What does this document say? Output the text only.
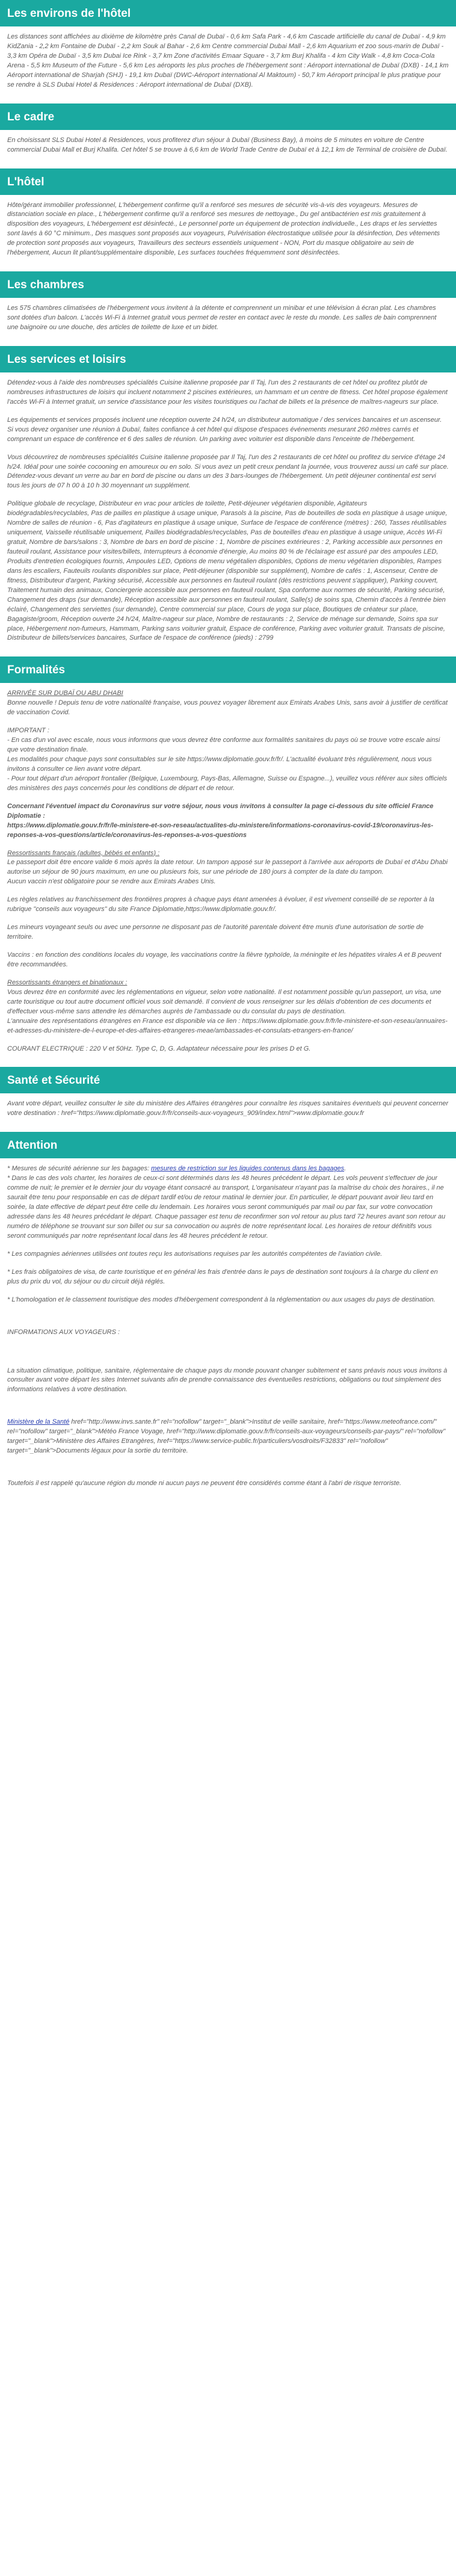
Les environs de l'hôtel

Les distances sont affichées au dixième de kilomètre près Canal de Dubaï - 0,6 km Safa Park - 4,6 km Cascade artificielle du canal de Dubaï - 4,9 km KidZania - 2,2 km Fontaine de Dubaï - 2,2 km Souk al Bahar - 2,6 km Centre commercial Dubai Mall - 2,6 km Aquarium et zoo sous-marin de Dubaï - 3,3 km Opéra de Dubaï - 3,5 km Dubai Ice Rink - 3,7 km Zone d'activités Emaar Square - 3,7 km Burj Khalifa - 4 km City Walk - 4,8 km Coca-Cola Arena - 5,5 km Museum of the Future - 5,6 km Les aéroports les plus proches de l'hébergement sont : Aéroport international de Dubaï (DXB) - 14,1 km Aéroport international de Sharjah (SHJ) - 19,1 km Dubaï (DWC-Aéroport international Al Maktoum) - 50,7 km Aéroport principal le plus pratique pour se rendre à SLS Dubai Hotel & Residences : Aéroport international de Dubaï (DXB).

Le cadre

En choisissant SLS Dubai Hotel & Residences, vous profiterez d'un séjour à Dubaï (Business Bay), à moins de 5 minutes en voiture de Centre commercial Dubai Mall et Burj Khalifa. Cet hôtel 5 se trouve à 6,6 km de World Trade Centre de Dubaï et à 12,1 km de Terminal de croisière de Dubaï.

L'hôtel

Hôte/gérant immobilier professionnel, L'hébergement confirme qu'il a renforcé ses mesures de sécurité vis-à-vis des voyageurs. Mesures de distanciation sociale en place., L'hébergement confirme qu'il a renforcé ses mesures de nettoyage., Du gel antibactérien est mis gratuitement à disposition des voyageurs, L'hébergement est désinfecté., Le personnel porte un équipement de protection individuelle., Les draps et les serviettes sont lavés à 60 °C minimum., Des masques sont proposés aux voyageurs, Pulvérisation électrostatique utilisée pour la désinfection, Des vêtements de protection sont proposés aux voyageurs, Travailleurs des secteurs essentiels uniquement - NON, Port du masque obligatoire au sein de l'hébergement, Aucun lit pliant/supplémentaire disponible, Les surfaces touchées fréquemment sont désinfectées.

Les chambres

Les 575 chambres climatisées de l'hébergement vous invitent à la détente et comprennent un minibar et une télévision à écran plat. Les chambres sont dotées d'un balcon. L'accès Wi-Fi à Internet gratuit vous permet de rester en contact avec le reste du monde. Les salles de bain comprennent une baignoire ou une douche, des articles de toilette de luxe et un bidet.

Les services et loisirs

Détendez-vous à l'aide des nombreuses spécialités Cuisine italienne proposée par Il Taj, l'un des 2 restaurants de cet hôtel ou profitez plutôt de nombreuses infrastructures de loisirs qui incluent notamment 2 piscines extérieures, un hammam et un centre de fitness. Cet hôtel propose également l'accès Wi-Fi à Internet gratuit, un service d'assistance pour les visites touristiques ou l'achat de billets et la présence de maîtres-nageurs sur place.

Les équipements et services proposés incluent une réception ouverte 24 h/24, un distributeur automatique / des services bancaires et un ascenseur. Si vous devez organiser une réunion à Dubaï, faites confiance à cet hôtel qui dispose d'espaces événements mesurant 260 mètres carrés et comprenant un espace de conférence et 6 des salles de réunion. Un parking avec voiturier est disponible dans l'enceinte de l'hébergement.

Vous découvrirez de nombreuses spécialités Cuisine italienne proposée par Il Taj, l'un des 2 restaurants de cet hôtel ou profitez du service d'étage 24 h/24. Idéal pour une soirée cocooning en amoureux ou en solo. Si vous avez un petit creux pendant la journée, vous trouverez aussi un café sur place. Détendez-vous devant un verre au bar en bord de piscine ou dans un des 3 bars-lounges de l'hébergement. Un petit déjeuner continental est servi tous les jours de 07 h 00 à 10 h 30 moyennant un supplément.

Politique globale de recyclage, Distributeur en vrac pour articles de toilette, Petit-déjeuner végétarien disponible, Agitateurs biodégradables/recyclables, Pas de pailles en plastique à usage unique, Parasols à la piscine, Pas de bouteilles de soda en plastique à usage unique, Nombre de salles de réunion - 6, Pas d'agitateurs en plastique à usage unique, Surface de l'espace de conférence (mètres) : 260, Tasses réutilisables uniquement, Vaisselle réutilisable uniquement, Pailles biodégradables/recyclables, Pas de bouteilles d'eau en plastique à usage unique, Accès Wi-Fi gratuit, Nombre de bars/salons : 3, Nombre de bars en bord de piscine : 1, Nombre de piscines extérieures : 2, Parking accessible aux personnes en fauteuil roulant, Assistance pour visites/billets, Interrupteurs à économie d'énergie, Au moins 80 % de l'éclairage est assuré par des ampoules LED, Produits d'entretien écologiques fournis, Ampoules LED, Options de menu végétalien disponibles, Options de menu végétarien disponibles, Rampes dans les escaliers, Fauteuils roulants disponibles sur place, Petit-déjeuner (disponible sur supplément), Nombre de cafés : 1, Ascenseur, Centre de fitness, Distributeur d'argent, Parking sécurisé, Accessible aux personnes en fauteuil roulant (dès restrictions peuvent s'appliquer), Parking couvert, Traitement humain des animaux, Conciergerie accessible aux personnes en fauteuil roulant, Spa conforme aux normes de sécurité, Parking sécurisé, Changement des draps (sur demande), Réception accessible aux personnes en fauteuil roulant, Salle(s) de soins spa, Chemin d'accès à l'entrée bien éclairé, Changement des serviettes (sur demande), Centre commercial sur place, Cours de yoga sur place, Boutiques de créateur sur place, Bagagiste/groom, Réception ouverte 24 h/24, Maître-nageur sur place, Nombre de restaurants : 2, Service de ménage sur demande, Soins spa sur place, Hébergement non-fumeurs, Hammam, Parking sans voiturier gratuit, Espace de conférence, Parking avec voiturier gratuit. Transats de piscine, Distributeur de billets/services bancaires, Surface de l'espace de conférence (pieds) : 2799

Formalités

ARRIVÉE SUR DUBAÏ OU ABU DHABI

Bonne nouvelle ! Depuis tenu de votre nationalité française, vous pouvez voyager librement aux Emirats Arabes Unis, sans avoir à justifier de certificat de vaccination Covid.

IMPORTANT :

- En cas d'un vol avec escale, nous vous informons que vous devrez être conforme aux formalités sanitaires du pays où se trouve votre escale ainsi que votre destination finale.

Les modalités pour chaque pays sont consultables sur le site https://www.diplomatie.gouv.fr/fr/. L'actualité évoluant très régulièrement, nous vous invitons à consulter ce lien avant votre départ.

- Pour tout départ d'un aéroport frontalier (Belgique, Luxembourg, Pays-Bas, Allemagne, Suisse ou Espagne...), veuillez vous référer aux sites officiels des ministères des pays concernés pour les conditions de départ et de retour.

Concernant l'éventuel impact du Coronavirus sur votre séjour, nous vous invitons à consulter la page ci-dessous du site officiel France Diplomatie :

https://www.diplomatie.gouv.fr/fr/le-ministere-et-son-reseau/actualites-du-ministere/informations-coronavirus-covid-19/coronavirus-les-reponses-a-vos-questions/article/coronavirus-les-reponses-a-vos-questions

Ressortissants français (adultes, bébés et enfants) :

Le passeport doit être encore valide 6 mois après la date retour. Un tampon apposé sur le passeport à l'arrivée aux aéroports de Dubaï et d'Abu Dhabi autorise un séjour de 90 jours maximum, en une ou plusieurs fois, sur une période de 180 jours à compter de la date du tampon.

Aucun vaccin n'est obligatoire pour se rendre aux Emirats Arabes Unis.

Les règles relatives au franchissement des frontières propres à chaque pays étant amenées à évoluer, il est vivement conseillé de se reporter à la rubrique "conseils aux voyageurs" du site France Diplomatie,https://www.diplomatie.gouv.fr/.

Les mineurs voyageant seuls ou avec une personne ne disposant pas de l'autorité parentale doivent être munis d'une autorisation de sortie de territoire.

Vaccins : en fonction des conditions locales du voyage, les vaccinations contre la fièvre typhoïde, la méningite et les hépatites virales A et B peuvent être recommandées.

Ressortissants étrangers et binationaux :

Vous devrez être en conformité avec les réglementations en vigueur, selon votre nationalité. Il est notamment possible qu'un passeport, un visa, une carte touristique ou tout autre document officiel vous soit demandé. Il convient de vous renseigner sur les délais d'obtention de ces documents et d'effectuer vous-même sans attendre les démarches auprès de l'ambassade ou du consulat du pays de destination.

L'annuaire des représentations étrangères en France est disponible via ce lien : https://www.diplomatie.gouv.fr/fr/le-ministere-et-son-reseau/annuaires-et-adresses-du-ministere-de-l-europe-et-des-affaires-etrangeres-meae/ambassades-et-consulats-etrangers-en-france/

COURANT ELECTRIQUE : 220 V et 50Hz. Type C, D, G. Adaptateur nécessaire pour les prises D et G.

Santé et Sécurité

Avant votre départ, veuillez consulter le site du ministère des Affaires étrangères pour connaître les risques sanitaires éventuels qui peuvent concerner votre destination : href="https://www.diplomatie.gouv.fr/fr/conseils-aux-voyageurs_909/index.html">www.diplomatie.gouv.fr

Attention

* Mesures de sécurité aérienne sur les bagages: mesures de restriction sur les liquides contenus dans les bagages.

* Dans le cas des vols charter, les horaires de ceux-ci sont déterminés dans les 48 heures précédent le départ. Les vols peuvent s'effectuer de jour comme de nuit; le premier et le dernier jour du voyage étant consacré au transport, L'organisateur n'ayant pas la maîtrise du choix des horaires., il ne saurait être tenu pour responsable en cas de départ tardif et/ou de retour matinal le dernier jour. En particulier, le départ pouvant avoir lieu tard en soirée, la date effective de départ peut être celle du lendemain. Les horaires vous seront communiqués par mail ou par fax, sur votre convocation adressée dans les 48 heures précédant le départ. Chaque passager est tenu de reconfirmer son vol retour au plus tard 72 heures avant son retour au numéro de téléphone se trouvant sur son billet ou sur sa convocation ou auprès de notre représentant local. Les horaires de retour définitifs vous seront communiqués par notre représentant local dans les 48 heures précédent le retour.

* Les compagnies aériennes utilisées ont toutes reçu les autorisations requises par les autorités compétentes de l'aviation civile.

* Les frais obligatoires de visa, de carte touristique et en général les frais d'entrée dans le pays de destination sont toujours à la charge du client en plus du prix du vol, du séjour ou du circuit déjà réglés.

* L'homologation et le classement touristique des modes d'hébergement correspondent à la réglementation ou aux usages du pays de destination.

INFORMATIONS AUX VOYAGEURS :

La situation climatique, politique, sanitaire, réglementaire de chaque pays du monde pouvant changer subitement et sans préavis nous vous invitons à consulter avant votre départ les sites Internet suivants afin de prendre connaissance des éventuelles restrictions, obligations ou tout simplement des informations relatives à votre destination.

Ministère de la Santé href="http://www.invs.sante.fr" rel="nofollow" target="_blank">Institut de veille sanitaire, href="https://www.meteofrance.com/" rel="nofollow" target="_blank">Météo France Voyage, href="http://www.diplomatie.gouv.fr/fr/conseils-aux-voyageurs/conseils-par-pays/" rel="nofollow" target="_blank">Ministère des Affaires Etrangères, href="https://www.service-public.fr/particuliers/vosdroits/F32833" rel="nofollow" target="_blank">Documents légaux pour la sortie du territoire.

Toutefois il est rappelé qu'aucune région du monde ni aucun pays ne peuvent être considérés comme étant à l'abri de risque terroriste.
